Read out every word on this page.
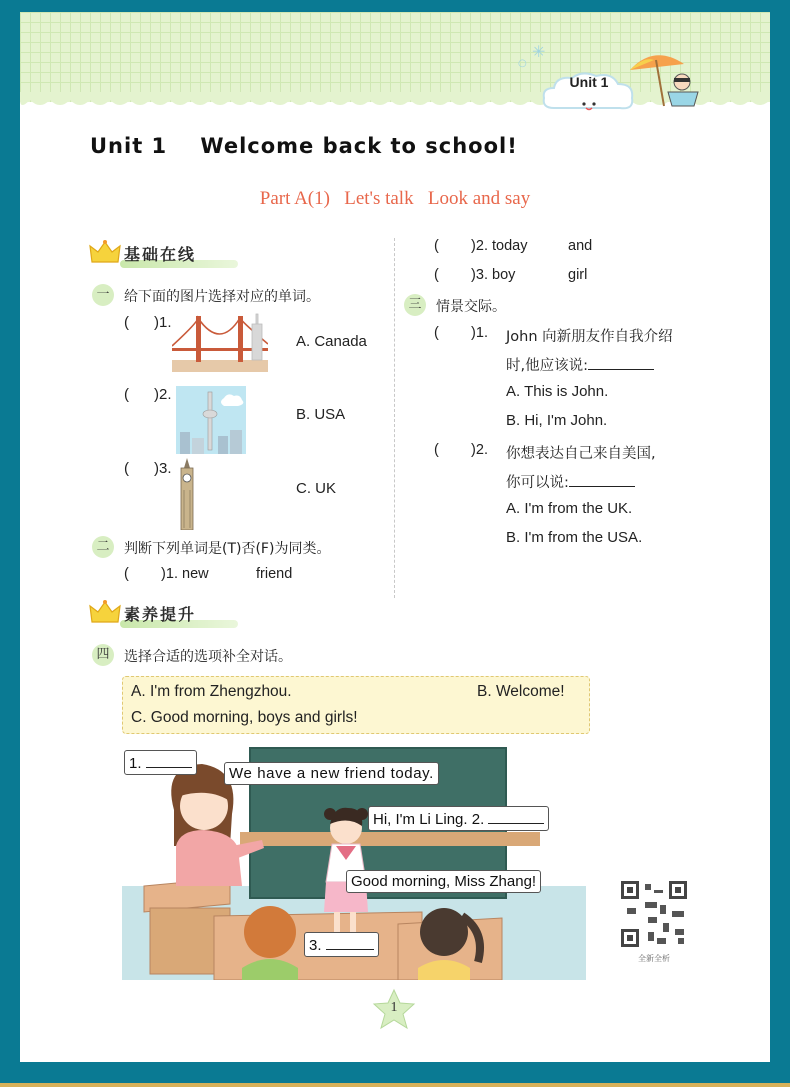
✳
○
Unit 1
Unit 1    Welcome back to school!
Part A(1)   Let's talk   Look and say
基础在线
一	给下面的图片选择对应的单词。
(      )1.
A. Canada
(      )2.
B. USA
(      )3.
C. UK
二	判断下列单词是(T)否(F)为同类。
(        )1. new	friend
(        )2. today	and
(        )3. boy	girl
三	情景交际。
(        )1. John 向新朋友作自我介绍
时,他应该说:
A. This is John.
B. Hi, I'm John.
(        )2. 你想表达自己来自美国,
你可以说:
A. I'm from the UK.
B. I'm from the USA.
素养提升
四	选择合适的选项补全对话。
A. I'm from Zhengzhou.	B. Welcome!
C. Good morning, boys and girls!
1.
We have a new friend today.
Hi, I'm Li Ling. 2.
Good morning, Miss Zhang!
3.
全新全析
1
